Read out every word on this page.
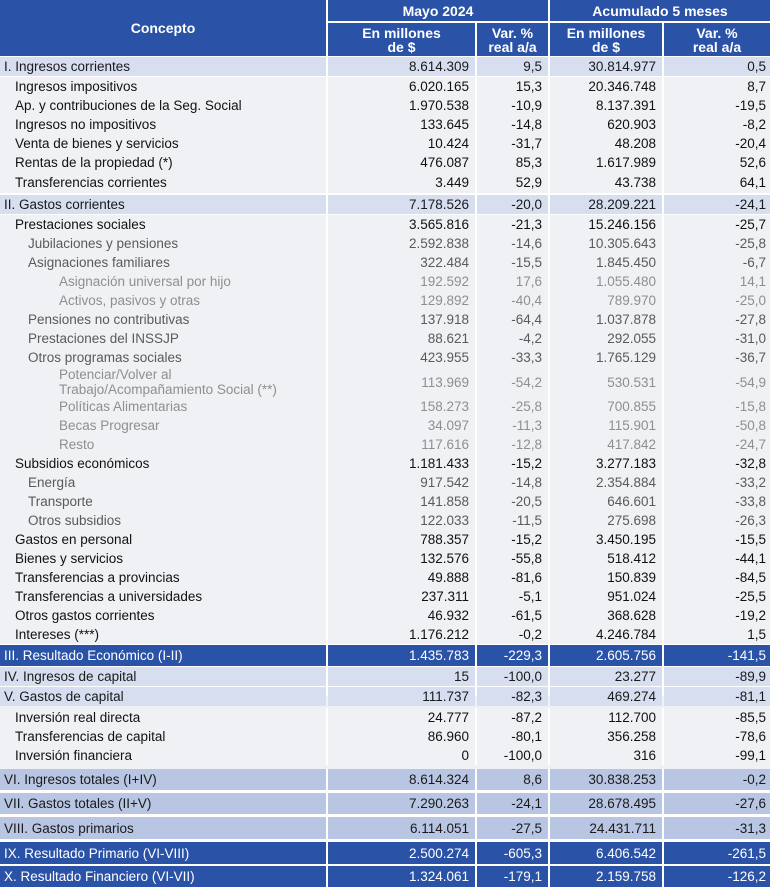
Concepto
Mayo 2024	Acumulado 5 meses
En millones
de $
Var. %
real a/a
En millones
de $
Var. %
real a/a
I. Ingresos corrientes	8.614.309	9,5	30.814.977	0,5
Ingresos impositivos	6.020.165	15,3	20.346.748	8,7
Ap. y contribuciones de la Seg. Social	1.970.538	-10,9	8.137.391	-19,5
Ingresos no impositivos	133.645	-14,8	620.903	-8,2
Venta de bienes y servicios	10.424	-31,7	48.208	-20,4
Rentas de la propiedad (*)	476.087	85,3	1.617.989	52,6
Transferencias corrientes	3.449	52,9	43.738	64,1
II. Gastos corrientes	7.178.526	-20,0	28.209.221	-24,1
Prestaciones sociales	3.565.816	-21,3	15.246.156	-25,7
Jubilaciones y pensiones	2.592.838	-14,6	10.305.643	-25,8
Asignaciones familiares	322.484	-15,5	1.845.450	-6,7
Asignación universal por hijo	192.592	17,6	1.055.480	14,1
Activos, pasivos y otras	129.892	-40,4	789.970	-25,0
Pensiones no contributivas	137.918	-64,4	1.037.878	-27,8
Prestaciones del INSSJP	88.621	-4,2	292.055	-31,0
Otros programas sociales	423.955	-33,3	1.765.129	-36,7
Potenciar/Volver al Trabajo/Acompañamiento Social (**)	113.969	-54,2	530.531	-54,9
Políticas Alimentarias	158.273	-25,8	700.855	-15,8
Becas Progresar	34.097	-11,3	115.901	-50,8
Resto	117.616	-12,8	417.842	-24,7
Subsidios económicos	1.181.433	-15,2	3.277.183	-32,8
Energía	917.542	-14,8	2.354.884	-33,2
Transporte	141.858	-20,5	646.601	-33,8
Otros subsidios	122.033	-11,5	275.698	-26,3
Gastos en personal	788.357	-15,2	3.450.195	-15,5
Bienes y servicios	132.576	-55,8	518.412	-44,1
Transferencias a provincias	49.888	-81,6	150.839	-84,5
Transferencias a universidades	237.311	-5,1	951.024	-25,5
Otros gastos corrientes	46.932	-61,5	368.628	-19,2
Intereses (***)	1.176.212	-0,2	4.246.784	1,5
III. Resultado Económico (I-II)	1.435.783	-229,3	2.605.756	-141,5
IV. Ingresos de capital	15	-100,0	23.277	-89,9
V. Gastos de capital	111.737	-82,3	469.274	-81,1
Inversión real directa	24.777	-87,2	112.700	-85,5
Transferencias de capital	86.960	-80,1	356.258	-78,6
Inversión financiera	0	-100,0	316	-99,1
VI. Ingresos totales (I+IV)	8.614.324	8,6	30.838.253	-0,2
VII. Gastos totales (II+V)	7.290.263	-24,1	28.678.495	-27,6
VIII. Gastos primarios	6.114.051	-27,5	24.431.711	-31,3
IX. Resultado Primario (VI-VIII)	2.500.274	-605,3	6.406.542	-261,5
X. Resultado Financiero (VI-VII)	1.324.061	-179,1	2.159.758	-126,2
